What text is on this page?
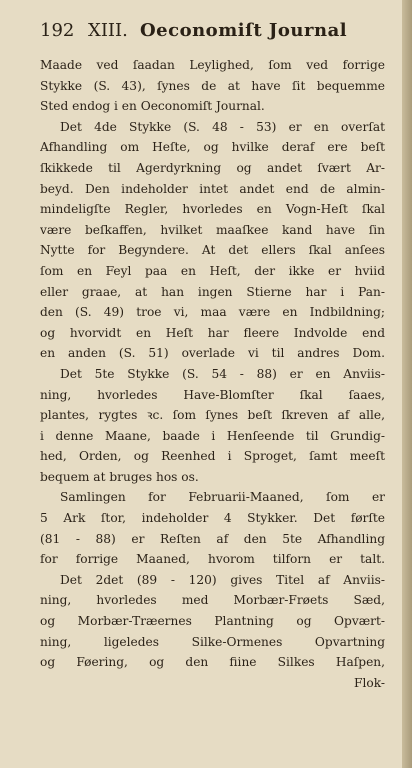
192 XIII. Oeconomiſt Journal
Maade ved ſaadan Leylighed, ſom ved forrige
Stykke (S. 43), ſynes de at have ſit bequemme
Sted endog i en Oeconomiſt Journal.
Det 4de Stykke (S. 48 - 53) er en overſat
Afhandling om Heſte, og hvilke deraf ere beſt
ſkikkede til Agerdyrkning og andet ſvært Ar-
beyd. Den indeholder intet andet end de almin-
mindeligſte Regler, hvorledes en Vogn-Heſt ſkal
være beſkaffen, hvilket maaſkee kand have ſin
Nytte for Begyndere. At det ellers ſkal anſees
ſom en Feyl paa en Heſt, der ikke er hviid
eller graae, at han ingen Stierne har i Pan-
den (S. 49) troe vi, maa være en Indbildning;
og hvorvidt en Heſt har fleere Indvolde end
en anden (S. 51) overlade vi til andres Dom.
Det 5te Stykke (S. 54 - 88) er en Anviis-
ning, hvorledes Have-Blomſter ſkal ſaaes,
plantes, rygtes ꝛc. ſom ſynes beſt ſkreven af alle,
i denne Maane, baade i Henſeende til Grundig-
hed, Orden, og Reenhed i Sproget, ſamt meeſt
bequem at bruges hos os.
Samlingen for Februarii-Maaned, ſom er
5 Ark ſtor, indeholder 4 Stykker. Det førſte
(81 - 88) er Reſten af den 5te Afhandling
for forrige Maaned, hvorom tilforn er talt.
Det 2det (89 - 120) gives Titel af Anviis-
ning, hvorledes med Morbær-Frøets Sæd,
og Morbær-Træernes Plantning og Opvært-
ning, ligeledes Silke-Ormenes Opvartning
og Føering, og den fiine Silkes Haſpen,
Flok-
